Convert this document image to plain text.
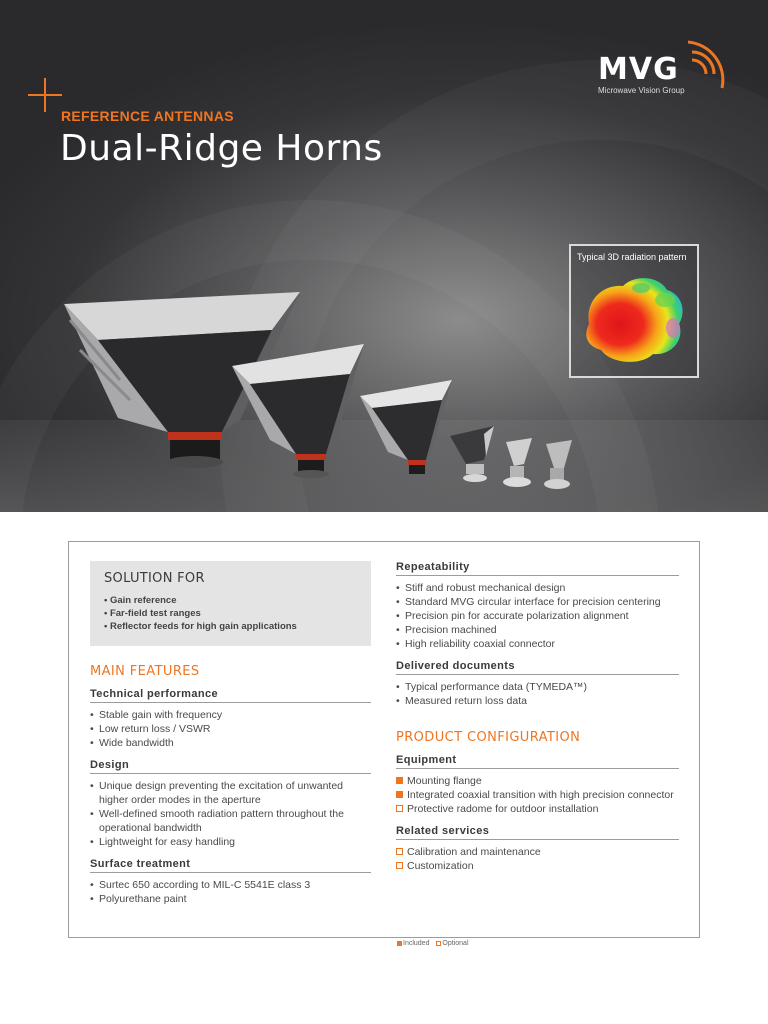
REFERENCE ANTENNAS
Dual-Ridge Horns
MVG
Microwave Vision Group
Typical 3D radiation pattern
SOLUTION FOR
• Gain reference
• Far-field test ranges
• Reflector feeds for high gain applications
MAIN FEATURES
Technical performance
• Stable gain with frequency
• Low return loss / VSWR
• Wide bandwidth
Design
• Unique design preventing the excitation of unwanted higher order modes in the aperture
• Well-defined smooth radiation pattern throughout the operational bandwidth
• Lightweight for easy handling
Surface treatment
• Surtec 650 according to MIL-C 5541E class 3
• Polyurethane paint
Repeatability
• Stiff and robust mechanical design
• Standard MVG circular interface for precision centering
• Precision pin for accurate polarization alignment
• Precision machined
• High reliability coaxial connector
Delivered documents
• Typical performance data (TYMEDA™)
• Measured return loss data
PRODUCT CONFIGURATION
Equipment
Mounting flange
Integrated coaxial transition with high precision connector
Protective radome for outdoor installation
Related services
Calibration and maintenance
Customization
Included Optional
